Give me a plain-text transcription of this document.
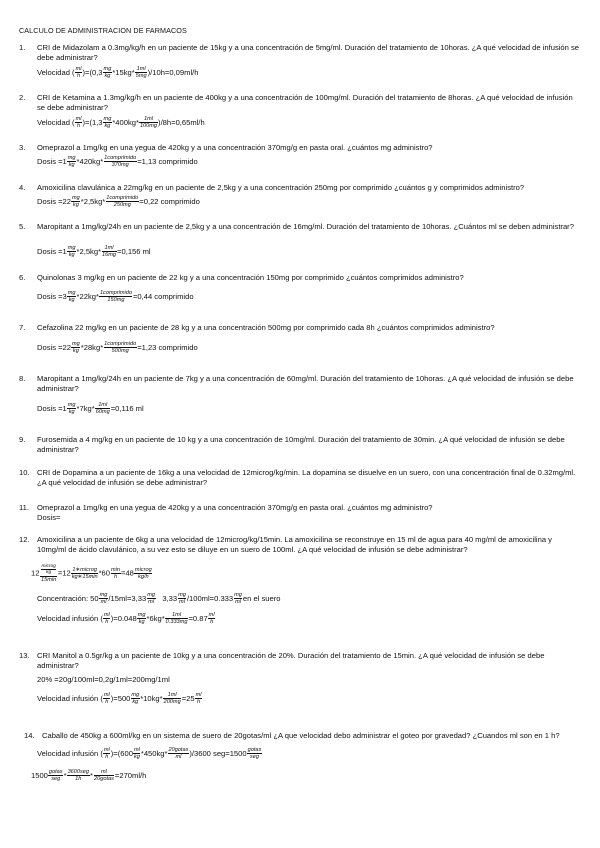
CALCULO DE ADMINISTRACION DE FARMACOS
1.	CRI de Midazolam a 0.3mg/kg/h en un paciente de 15kg y a una concentración de 5mg/ml. Duración del tratamiento de 10horas. ¿A qué velocidad de infusión se debe administrar?
Velocidad ( $\frac{ml}{h} )=(0,3 \frac{mg}{kg} *15kg* \frac{1ml}{5mg} )/10h=0,09ml/h$
2.	CRI de Ketamina a 1.3mg/kg/h en un paciente de 400kg y a una concentración de 100mg/ml. Duración del tratamiento de 8horas. ¿A qué velocidad de infusión se debe administrar?
Velocidad ( $\frac{ml}{h} )=(1,3 \frac{mg}{kg} *400kg* \frac{1ml}{100mg} )/8h=0,65ml/h$
3.	Omeprazol a 1mg/kg en una yegua de 420kg y a una concentración 370mg/g en pasta oral. ¿cuántos mg administro?
Dosis $=1 \frac{mg}{kg} *420kg* \frac{\text{1comprimido}}{370mg} =1,13$ comprimido
4.	Amoxicilina clavulánica a 22mg/kg en un paciente de 2,5kg y a una concentración 250mg por comprimido ¿cuántos g y comprimidos administro?
Dosis $=22 \frac{mg}{kg} *2,5kg* \frac{\text{1comprimido}}{250mg} =0,22$ comprimido
5.	Maropitant a 1mg/kg/24h en un paciente de 2,5kg y a una concentración de 16mg/ml. Duración del tratamiento de 10horas. ¿Cuántos ml se deben administrar?
Dosis $=1 \frac{mg}{kg} *2,5kg* \frac{1ml}{16mg} =0,156$ ml
6.	Quinolonas 3 mg/kg en un paciente de 22 kg y a una concentración 150mg por comprimido ¿cuántos comprimidos administro?
Dosis $=3 \frac{mg}{kg} *22kg* \frac{\text{1comprimido}}{150mg} =0,44$ comprimido
7.	Cefazolina 22 mg/kg en un paciente de 28 kg y a una concentración 500mg por comprimido cada 8h ¿cuántos comprimidos administro?
Dosis $=22 \frac{mg}{kg} *28kg* \frac{\text{1comprimido}}{500mg} =1,23$ comprimido
8.	Maropitant a 1mg/kg/24h en un paciente de 7kg y a una concentración de 60mg/ml. Duración del tratamiento de 10horas. ¿A qué velocidad de infusión se debe administrar?
Dosis $=1 \frac{mg}{kg} *7kg* \frac{1ml}{60mg} =0,116$ ml
9.	Furosemida a 4 mg/kg en un paciente de 10 kg y a una concentración de 10mg/ml. Duración del tratamiento de 30min. ¿A qué velocidad de infusión se debe administrar?
10. CRI de Dopamina a un paciente de 16kg a una velocidad de 12microg/kg/min. La dopamina se disuelve en un suero, con una concentración final de 0.32mg/ml. ¿A qué velocidad de infusión se debe administrar?
11.	Omeprazol a 1mg/kg en una yegua de 420kg y a una concentración 370mg/g en pasta oral. ¿cuántos mg administro?
Dosis=
12. Amoxicilina a un paciente de 6kg a una velocidad de 12microg/kg/15min. La amoxicilina se reconstruye en 15 ml de agua para 40 mg/ml de amoxicilina y 10mg/ml de ácido clavulánico, a su vez esto se diluye en un suero de 100ml. ¿A qué velocidad de infusión se debe administrar?
$12 \frac{\frac{\text{microg}}{kg}}{15\min} =12 \frac{\text{1∗microg}}{kg∗15\min} *60 \frac{\min}{h} =48 \frac{\text{microg}}{kg/h}$
Concentración: $50 \frac{mg}{ml} /15ml=3,33 \frac{mg}{ml} 3,33 \frac{mg}{ml} /100ml=0.333 \frac{mg}{ml}$ en el suero
Velocidad infusión ( $\frac{ml}{h} )=0.048 \frac{mg}{kg} *6kg* \frac{1ml}{0.333mg} =0.87 \frac{ml}{h}$
13. CRI Manitol a 0.5gr/kg a un paciente de 10kg y a una concentración de 20%. Duración del tratamiento de 15min. ¿A qué velocidad de infusión se debe administrar?
20% =20g/100ml=0,2g/1ml=200mg/1ml
Velocidad infusión ( $\frac{ml}{h} )=500 \frac{mg}{kg} *10kg* \frac{1ml}{200mg} =25 \frac{ml}{h}$
14. Caballo de 450kg a 600ml/kg en un sistema de suero de 20gotas/ml ¿A que velocidad debo administrar el goteo por gravedad? ¿Cuandos ml son en 1 h?
Velocidad infusión ( $\frac{ml}{h} )=(600 \frac{ml}{kg} *450kg* \frac{\text{20gotas}}{ml} )/3600$ $seg=1500 \frac{\text{gotas}}{\text{seg}}$
$1500 \frac{\text{gotas}}{\text{seg}} * \frac{\text{3600seg}}{1h} * \frac{ml}{\text{20gotas}} =270ml/h$
